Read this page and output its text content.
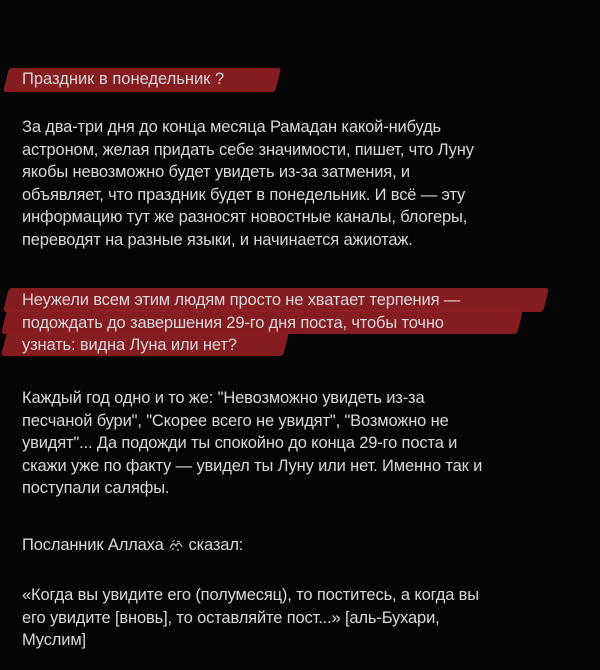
Праздник в понедельник ?
За два-три дня до конца месяца Рамадан какой-нибудь
астроном, желая придать себе значимости, пишет, что Луну
якобы невозможно будет увидеть из-за затмения, и
объявляет, что праздник будет в понедельник. И всё — эту
информацию тут же разносят новостные каналы, блогеры,
переводят на разные языки, и начинается ажиотаж.
Неужели всем этим людям просто не хватает терпения —
подождать до завершения 29-го дня поста, чтобы точно
узнать: видна Луна или нет?
Каждый год одно и то же: "Невозможно увидеть из-за
песчаной бури", "Скорее всего не увидят", "Возможно не
увидят"... Да подожди ты спокойно до конца 29-го поста и
скажи уже по факту — увидел ты Луну или нет. Именно так и
поступали саляфы.
Посланник Аллаха сказал:
«Когда вы увидите его (полумесяц), то поститесь, а когда вы
его увидите [вновь], то оставляйте пост...» [аль-Бухари,
Муслим]
